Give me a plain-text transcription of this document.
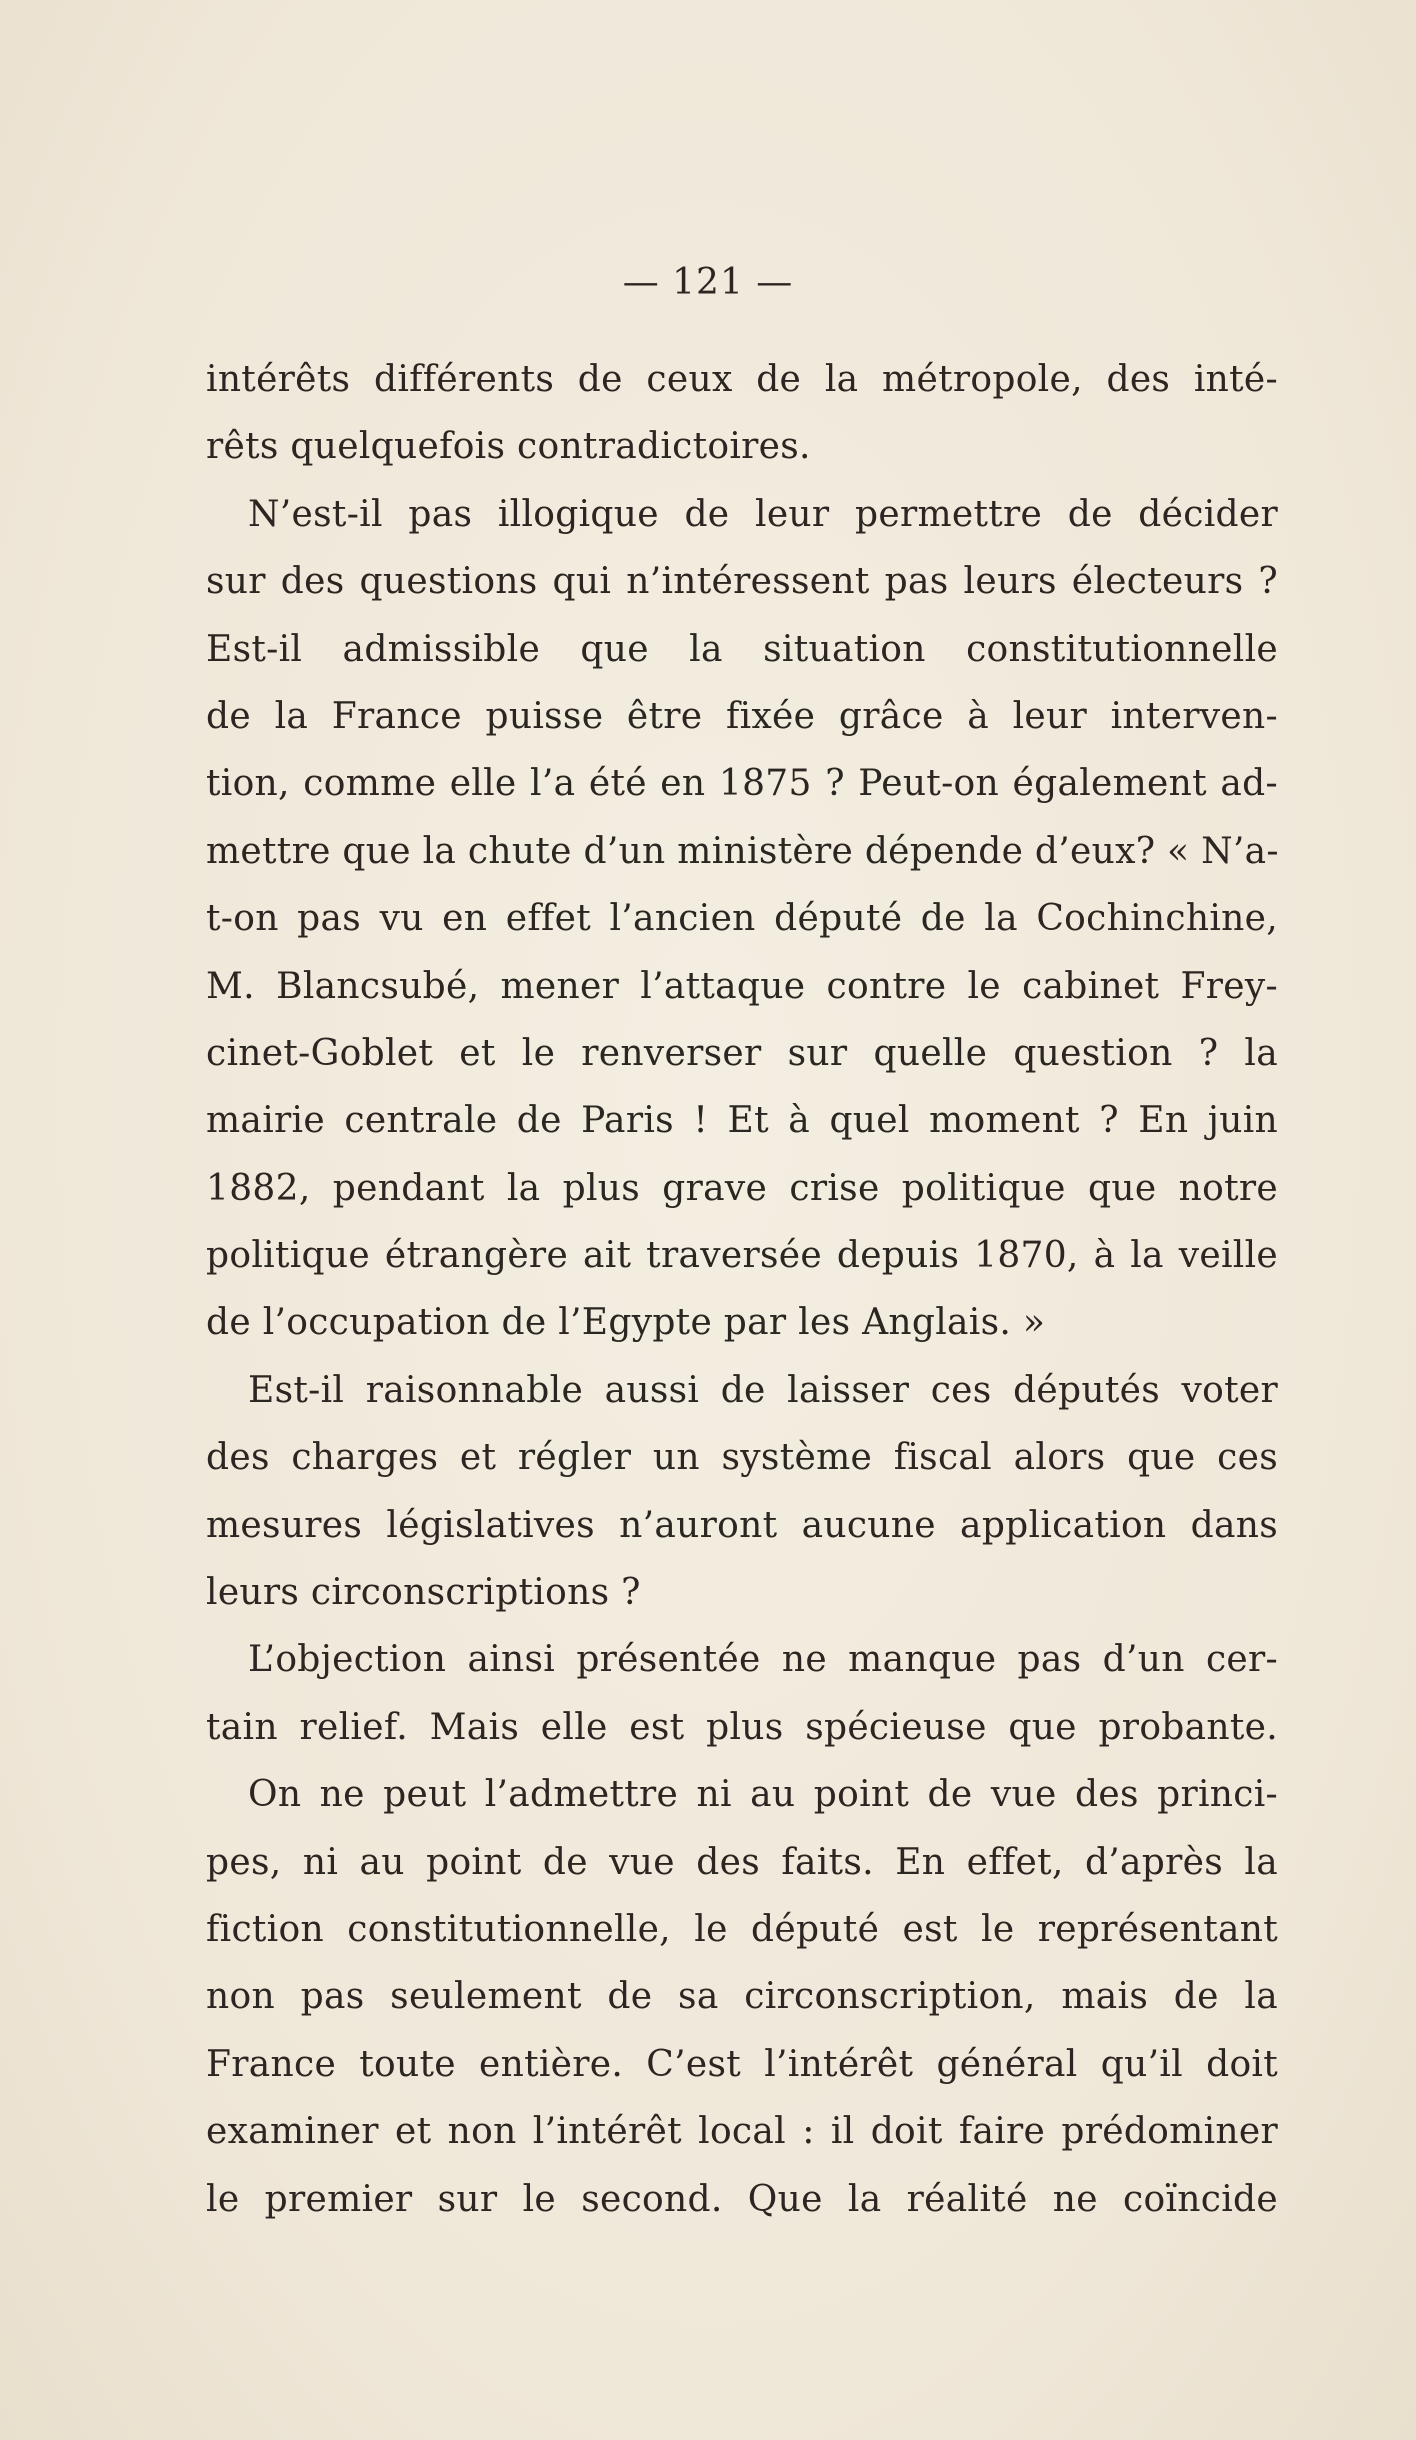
— 121 —
intérêts différents de ceux de la métropole, des inté-
rêts quelquefois contradictoires.
N’est-il pas illogique de leur permettre de décider
sur des questions qui n’intéressent pas leurs électeurs ?
Est-il admissible que la situation constitutionnelle
de la France puisse être fixée grâce à leur interven-
tion, comme elle l’a été en 1875 ? Peut-on également ad-
mettre que la chute d’un ministère dépende d’eux? « N’a-
t-on pas vu en effet l’ancien député de la Cochinchine,
M. Blancsubé, mener l’attaque contre le cabinet Frey-
cinet-Goblet et le renverser sur quelle question ? la
mairie centrale de Paris ! Et à quel moment ? En juin
1882, pendant la plus grave crise politique que notre
politique étrangère ait traversée depuis 1870, à la veille
de l’occupation de l’Egypte par les Anglais. »
Est-il raisonnable aussi de laisser ces députés voter
des charges et régler un système fiscal alors que ces
mesures législatives n’auront aucune application dans
leurs circonscriptions ?
L’objection ainsi présentée ne manque pas d’un cer-
tain relief. Mais elle est plus spécieuse que probante.
On ne peut l’admettre ni au point de vue des princi-
pes, ni au point de vue des faits. En effet, d’après la
fiction constitutionnelle, le député est le représentant
non pas seulement de sa circonscription, mais de la
France toute entière. C’est l’intérêt général qu’il doit
examiner et non l’intérêt local : il doit faire prédominer
le premier sur le second. Que la réalité ne coïncide
